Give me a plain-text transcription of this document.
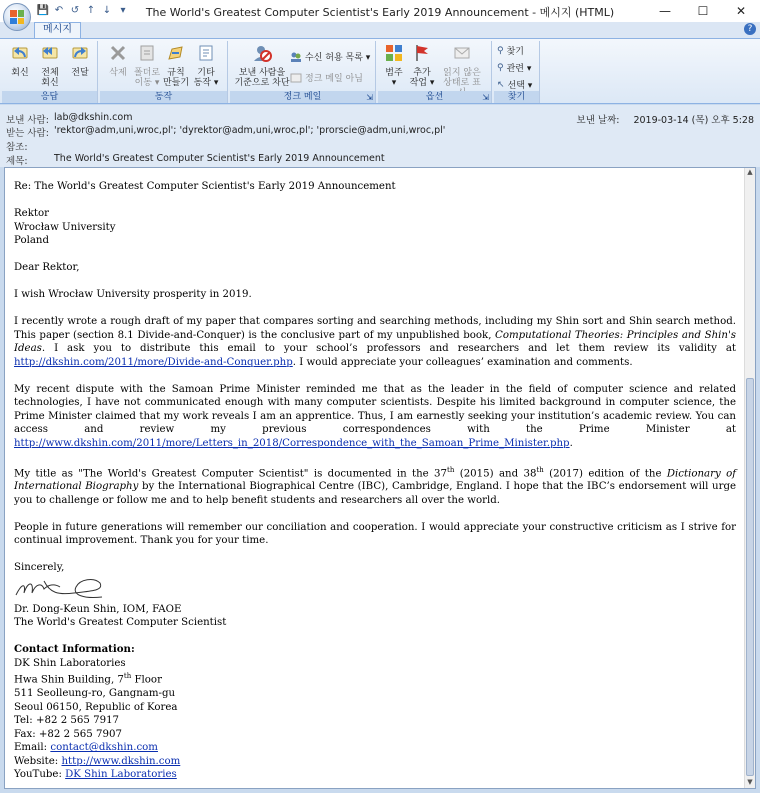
💾 ↶ ↺ ↑ ↓ ▾	The World's Greatest Computer Scientist's Early 2019 Announcement - 메시지 (HTML)	—	☐	✕
메시지	?
회신	전체
회신
전달
응답
삭제 폴더로
이동 ▾
규칙
만들기
기타
동작 ▾
동작
보낸 사람을
기준으로 차단
수신 허용 목록 ▾
정크 메일 아님
정크 메일	⇲
범주
▾
추가
작업 ▾
읽지 않은
상태로 표
옵션	⇲
⚲ 찾기
⚲ 관련 ▾
↖ 선택 ▾
찾기
보낸 사람: lab@dkshin.com
받는 사람: 'rektor@adm,uni,wroc,pl'; 'dyrektor@adm,uni,wroc,pl'; 'prorscie@adm,uni,wroc,pl'
참조:
제목:	The World's Greatest Computer Scientist's Early 2019 Announcement
보낸 날짜: 2019-03-14 (목) 오후 5:28

Re: The World's Greatest Computer Scientist's Early 2019 Announcement

Rektor
Wrocław University
Poland

Dear Rektor,

I wish Wrocław University prosperity in 2019.

I recently wrote a rough draft of my paper that compares sorting and searching methods, including my Shin sort and Shin search method. This paper (section 8.1 Divide-and-Conquer) is the conclusive part of my unpublished book, Computational Theories: Principles and Shin's Ideas. I ask you to distribute this email to your school’s professors and researchers and let them review its validity at http://dkshin.com/2011/more/Divide-and-Conquer.php. I would appreciate your colleagues’ examination and comments.

My recent dispute with the Samoan Prime Minister reminded me that as the leader in the field of computer science and related technologies, I have not communicated enough with many computer scientists. Despite his limited background in computer science, the Prime Minister claimed that my work reveals I am an apprentice. Thus, I am earnestly seeking your institution’s academic review. You can access and review my previous correspondences with the Prime Minister at http://www.dkshin.com/2011/more/Letters_in_2018/Correspondence_with_the_Samoan_Prime_Minister.php.

My title as "The World's Greatest Computer Scientist" is documented in the 37th (2015) and 38th (2017) edition of the Dictionary of International Biography by the International Biographical Centre (IBC), Cambridge, England. I hope that the IBC’s endorsement will urge you to challenge or follow me and to help benefit students and researchers all over the world.

People in future generations will remember our conciliation and cooperation. I would appreciate your constructive criticism as I strive for continual improvement. Thank you for your time.

Sincerely,
Dr. Dong-Keun Shin, IOM, FAOE

The World's Greatest Computer Scientist

Contact Information:
DK Shin Laboratories
Hwa Shin Building, 7th Floor
511 Seolleung-ro, Gangnam-gu
Seoul 06150, Republic of Korea
Tel: +82 2 565 7917
Fax: +82 2 565 7907
Email: contact@dkshin.com
Website: http://www.dkshin.com
YouTube: DK Shin Laboratories
▲
▼
